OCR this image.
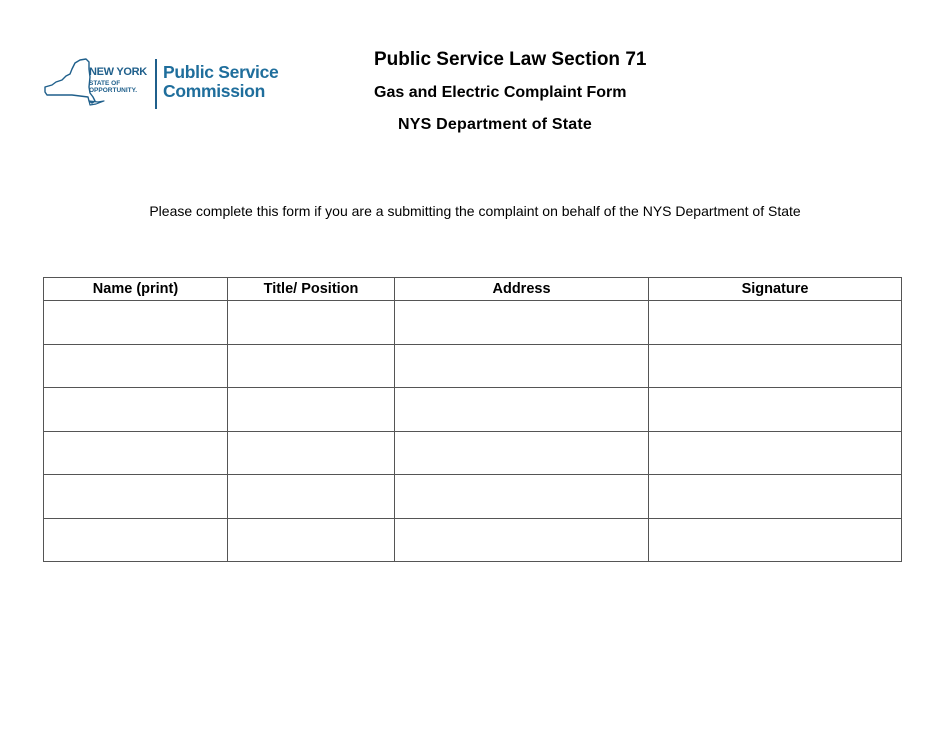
NEW YORK
STATE OF
OPPORTUNITY.
Public Service
Commission
Public Service Law Section 71
Gas and Electric Complaint Form
NYS Department of State
Please complete this form if you are a submitting the complaint on behalf of the NYS Department of State
Name (print)	Title/ Position	Address	Signature
